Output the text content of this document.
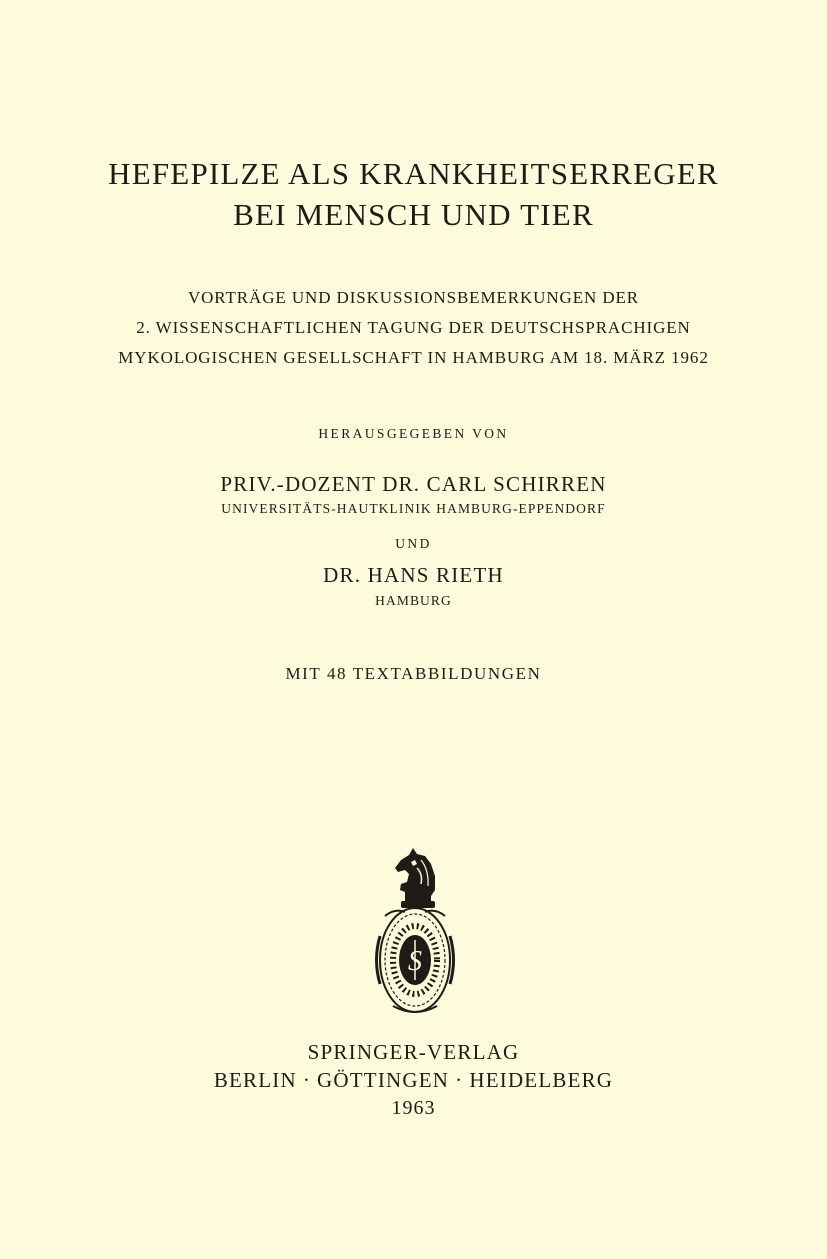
HEFEPILZE ALS KRANKHEITSERREGER
BEI MENSCH UND TIER
VORTRÄGE UND DISKUSSIONSBEMERKUNGEN DER
2. WISSENSCHAFTLICHEN TAGUNG DER DEUTSCHSPRACHIGEN
MYKOLOGISCHEN GESELLSCHAFT IN HAMBURG AM 18. MÄRZ 1962
HERAUSGEGEBEN VON
PRIV.-DOZENT DR. CARL SCHIRREN
UNIVERSITÄTS-HAUTKLINIK HAMBURG-EPPENDORF
UND
DR. HANS RIETH
HAMBURG
MIT 48 TEXTABBILDUNGEN
S
SPRINGER-VERLAG
BERLIN · GÖTTINGEN · HEIDELBERG
1963
